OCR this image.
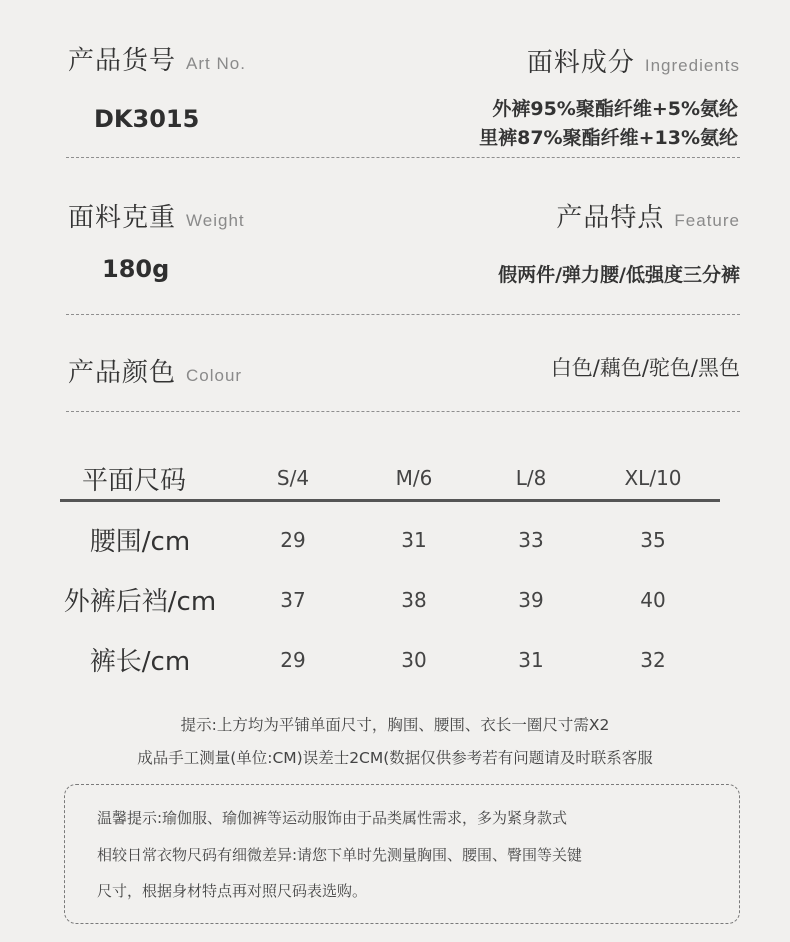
产品货号 Art No.	面料成分 Ingredients
DK3015	外裤95%聚酯纤维+5%氨纶
里裤87%聚酯纤维+13%氨纶
面料克重 Weight	产品特点 Feature
180g	假两件/弹力腰/低强度三分裤
产品颜色 Colour	白色/藕色/驼色/黑色
平面尺码	S/4	M/6	L/8	XL/10
腰围/cm	29	31	33	35
外裤后裆/cm	37	38	39	40
裤长/cm	29	30	31	32
提示:上方均为平铺单面尺寸，胸围、腰围、衣长一圈尺寸需X2
成品手工测量(单位:CM)误差士2CM(数据仅供参考若有问题请及时联系客服
温馨提示:瑜伽服、瑜伽裤等运动服饰由于品类属性需求，多为紧身款式
相较日常衣物尺码有细微差异:请您下单时先测量胸围、腰围、臀围等关键
尺寸，根据身材特点再对照尺码表选购。
